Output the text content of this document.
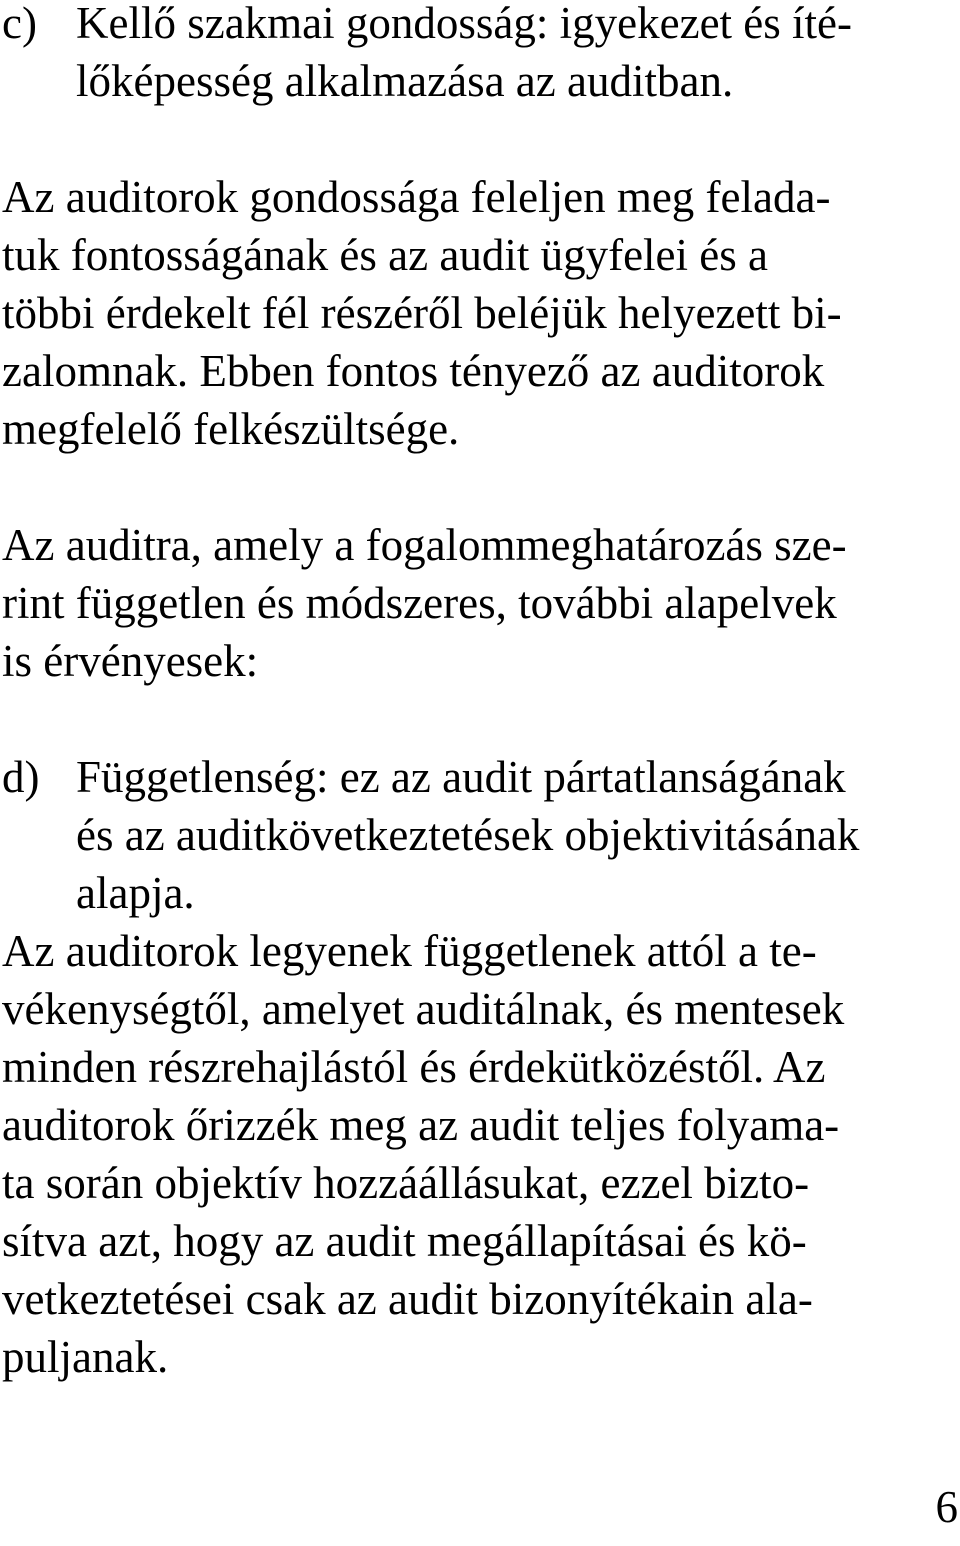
c) Kellő szakmai gondosság: igyekezet és íté-

lőképesség alkalmazása az auditban.

Az auditorok gondossága feleljen meg felada-

tuk fontosságának és az audit ügyfelei és a

többi érdekelt fél részéről beléjük helyezett bi-

zalomnak. Ebben fontos tényező az auditorok

megfelelő felkészültsége.

Az auditra, amely a fogalommeghatározás sze-

rint független és módszeres, további alapelvek

is érvényesek:

d) Függetlenség: ez az audit pártatlanságának

és az auditkövetkeztetések objektivitásának

alapja.

Az auditorok legyenek függetlenek attól a te-

vékenységtől, amelyet auditálnak, és mentesek

minden részrehajlástól és érdekütközéstől. Az

auditorok őrizzék meg az audit teljes folyama-

ta során objektív hozzáállásukat, ezzel bizto-

sítva azt, hogy az audit megállapításai és kö-

vetkeztetései csak az audit bizonyítékain ala-

puljanak.

6
